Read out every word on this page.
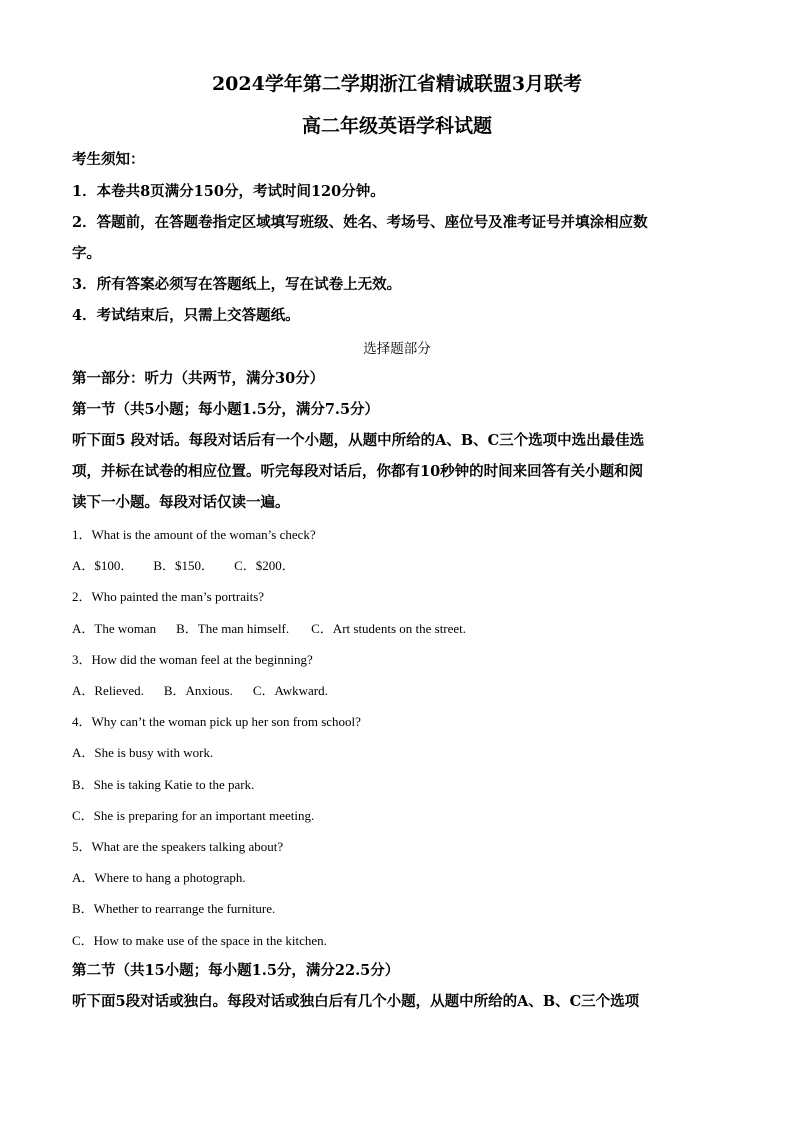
2024学年第二学期浙江省精诚联盟3月联考
高二年级英语学科试题
考生须知：
1．本卷共8页满分150分，考试时间120分钟。
2．答题前，在答题卷指定区域填写班级、姓名、考场号、座位号及准考证号并填涂相应数
字。
3．所有答案必须写在答题纸上，写在试卷上无效。
4．考试结束后，只需上交答题纸。
选择题部分
第一部分：听力（共两节，满分30分）
第一节（共5小题；每小题1.5分，满分7.5分）
听下面5 段对话。每段对话后有一个小题，从题中所给的A、B、C三个选项中选出最佳选
项，并标在试卷的相应位置。听完每段对话后，你都有10秒钟的时间来回答有关小题和阅
读下一小题。每段对话仅读一遍。
1．What is the amount of the woman’s check?
A．$100． B．$150． C．$200．
2．Who painted the man’s portraits?
A．The woman B．The man himself. C．Art students on the street.
3．How did the woman feel at the beginning?
A．Relieved. B．Anxious. C．Awkward.
4．Why can’t the woman pick up her son from school?
A．She is busy with work.
B．She is taking Katie to the park.
C．She is preparing for an important meeting.
5．What are the speakers talking about?
A．Where to hang a photograph.
B．Whether to rearrange the furniture.
C．How to make use of the space in the kitchen.
第二节（共15小题；每小题1.5分，满分22.5分）
听下面5段对话或独白。每段对话或独白后有几个小题，从题中所给的A、B、C三个选项
